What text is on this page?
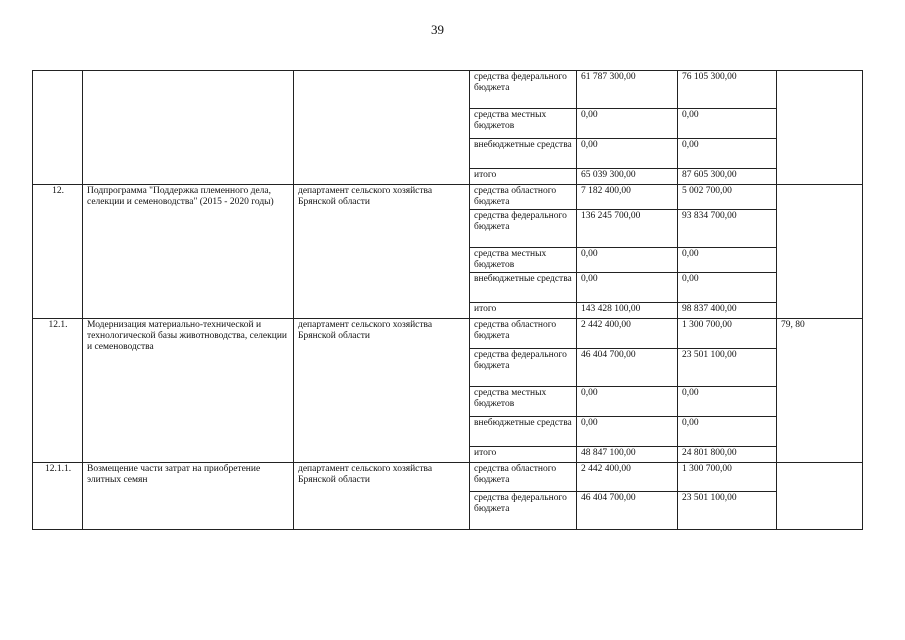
39
			средства федерального бюджета	61 787 300,00	76 105 300,00	
			средства местных бюджетов	0,00	0,00	
			внебюджетные средства	0,00	0,00	
			итого	65 039 300,00	87 605 300,00	
12.	Подпрограмма "Поддержка племенного дела, селекции и семеноводства" (2015 - 2020 годы)	департамент сельского хозяйства Брянской области	средства областного бюджета	7 182 400,00	5 002 700,00	
			средства федерального бюджета	136 245 700,00	93 834 700,00	
			средства местных бюджетов	0,00	0,00	
			внебюджетные средства	0,00	0,00	
			итого	143 428 100,00	98 837 400,00	
12.1.	Модернизация материально-технической и технологической базы животноводства, селекции и семеноводства	департамент сельского хозяйства Брянской области	средства областного бюджета	2 442 400,00	1 300 700,00	79, 80
			средства федерального бюджета	46 404 700,00	23 501 100,00	
			средства местных бюджетов	0,00	0,00	
			внебюджетные средства	0,00	0,00	
			итого	48 847 100,00	24 801 800,00	
12.1.1.	Возмещение части затрат на приобретение элитных семян	департамент сельского хозяйства Брянской области	средства областного бюджета	2 442 400,00	1 300 700,00	
			средства федерального бюджета	46 404 700,00	23 501 100,00	
